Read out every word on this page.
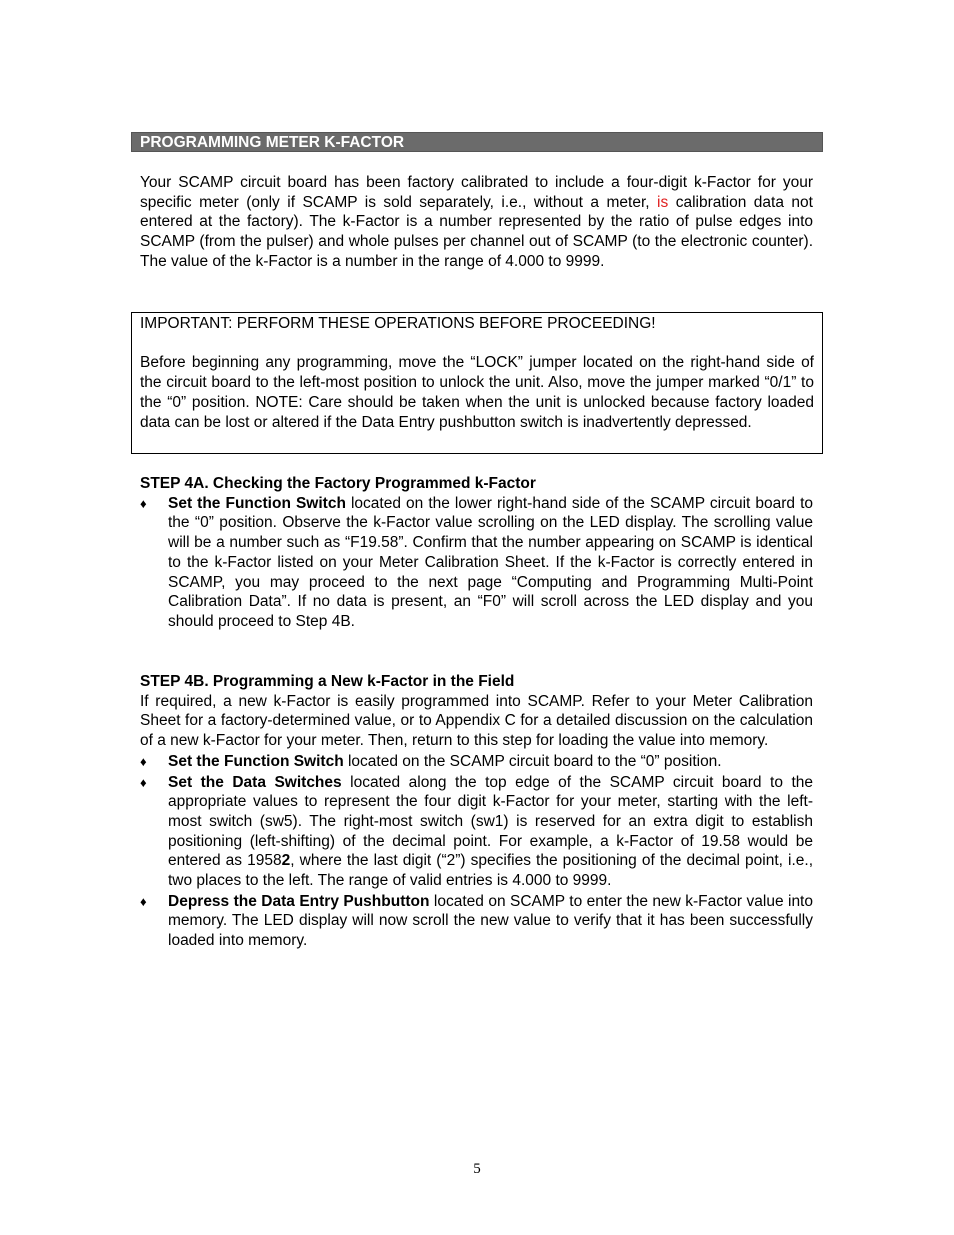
PROGRAMMING METER K-FACTOR

Your SCAMP circuit board has been factory calibrated to include a four-digit k-Factor for your specific meter (only if SCAMP is sold separately, i.e., without a meter, is calibration data not entered at the factory). The k-Factor is a number represented by the ratio of pulse edges into SCAMP (from the pulser) and whole pulses per channel out of SCAMP (to the electronic counter). The value of the k-Factor is a number in the range of 4.000 to 9999.

IMPORTANT: PERFORM THESE OPERATIONS BEFORE PROCEEDING!

Before beginning any programming, move the “LOCK” jumper located on the right-hand side of the circuit board to the left-most position to unlock the unit. Also, move the jumper marked “0/1” to the “0” position. NOTE: Care should be taken when the unit is unlocked because factory loaded data can be lost or altered if the Data Entry pushbutton switch is inadvertently depressed.

STEP 4A. Checking the Factory Programmed k-Factor

♦ Set the Function Switch located on the lower right-hand side of the SCAMP circuit board to the “0” position. Observe the k-Factor value scrolling on the LED display. The scrolling value will be a number such as “F19.58”. Confirm that the number appearing on SCAMP is identical to the k-Factor listed on your Meter Calibration Sheet. If the k-Factor is correctly entered in SCAMP, you may proceed to the next page “Computing and Programming Multi-Point Calibration Data”. If no data is present, an “F0” will scroll across the LED display and you should proceed to Step 4B.

STEP 4B. Programming a New k-Factor in the Field

If required, a new k-Factor is easily programmed into SCAMP. Refer to your Meter Calibration Sheet for a factory-determined value, or to Appendix C for a detailed discussion on the calculation of a new k-Factor for your meter. Then, return to this step for loading the value into memory.

♦ Set the Function Switch located on the SCAMP circuit board to the “0” position.
♦ Set the Data Switches located along the top edge of the SCAMP circuit board to the appropriate values to represent the four digit k-Factor for your meter, starting with the left-most switch (sw5). The right-most switch (sw1) is reserved for an extra digit to establish positioning (left-shifting) of the decimal point. For example, a k-Factor of 19.58 would be entered as 19582, where the last digit (“2”) specifies the positioning of the decimal point, i.e., two places to the left. The range of valid entries is 4.000 to 9999.
♦ Depress the Data Entry Pushbutton located on SCAMP to enter the new k-Factor value into memory. The LED display will now scroll the new value to verify that it has been successfully loaded into memory.
5
